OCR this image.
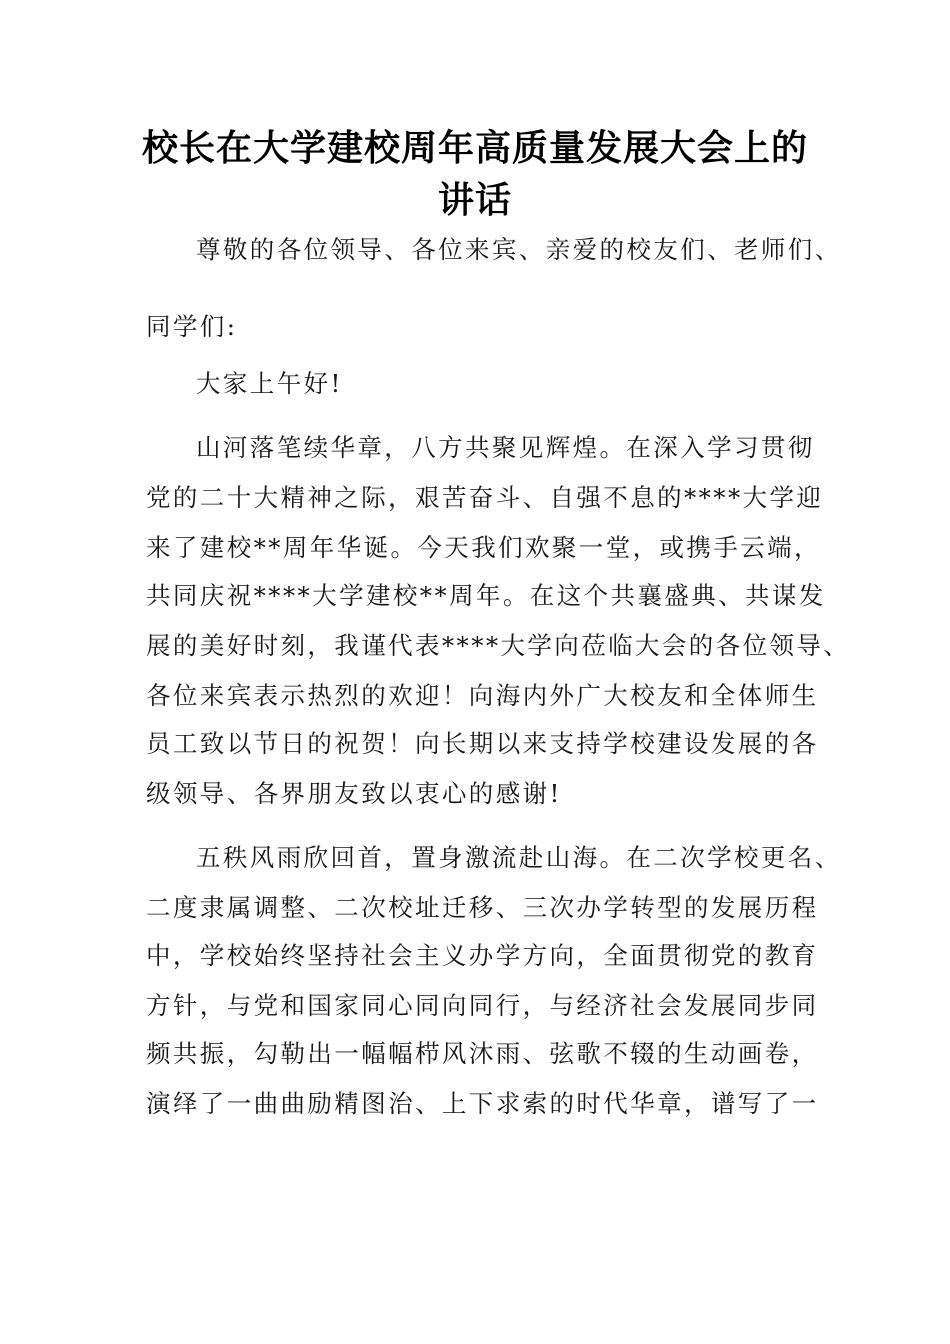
校长在大学建校周年高质量发展大会上的
讲话
尊敬的各位领导、各位来宾、亲爱的校友们、老师们、
同学们:
大家上午好!
山河落笔续华章，八方共聚见辉煌。在深入学习贯彻
党的二十大精神之际，艰苦奋斗、自强不息的****大学迎
来了建校**周年华诞。今天我们欢聚一堂，或携手云端，
共同庆祝****大学建校**周年。在这个共襄盛典、共谋发
展的美好时刻，我谨代表****大学向莅临大会的各位领导、
各位来宾表示热烈的欢迎！向海内外广大校友和全体师生
员工致以节日的祝贺！向长期以来支持学校建设发展的各
级领导、各界朋友致以衷心的感谢!
五秩风雨欣回首，置身激流赴山海。在二次学校更名、
二度隶属调整、二次校址迁移、三次办学转型的发展历程
中，学校始终坚持社会主义办学方向，全面贯彻党的教育
方针，与党和国家同心同向同行，与经济社会发展同步同
频共振，勾勒出一幅幅栉风沐雨、弦歌不辍的生动画卷，
演绎了一曲曲励精图治、上下求索的时代华章，谱写了一
